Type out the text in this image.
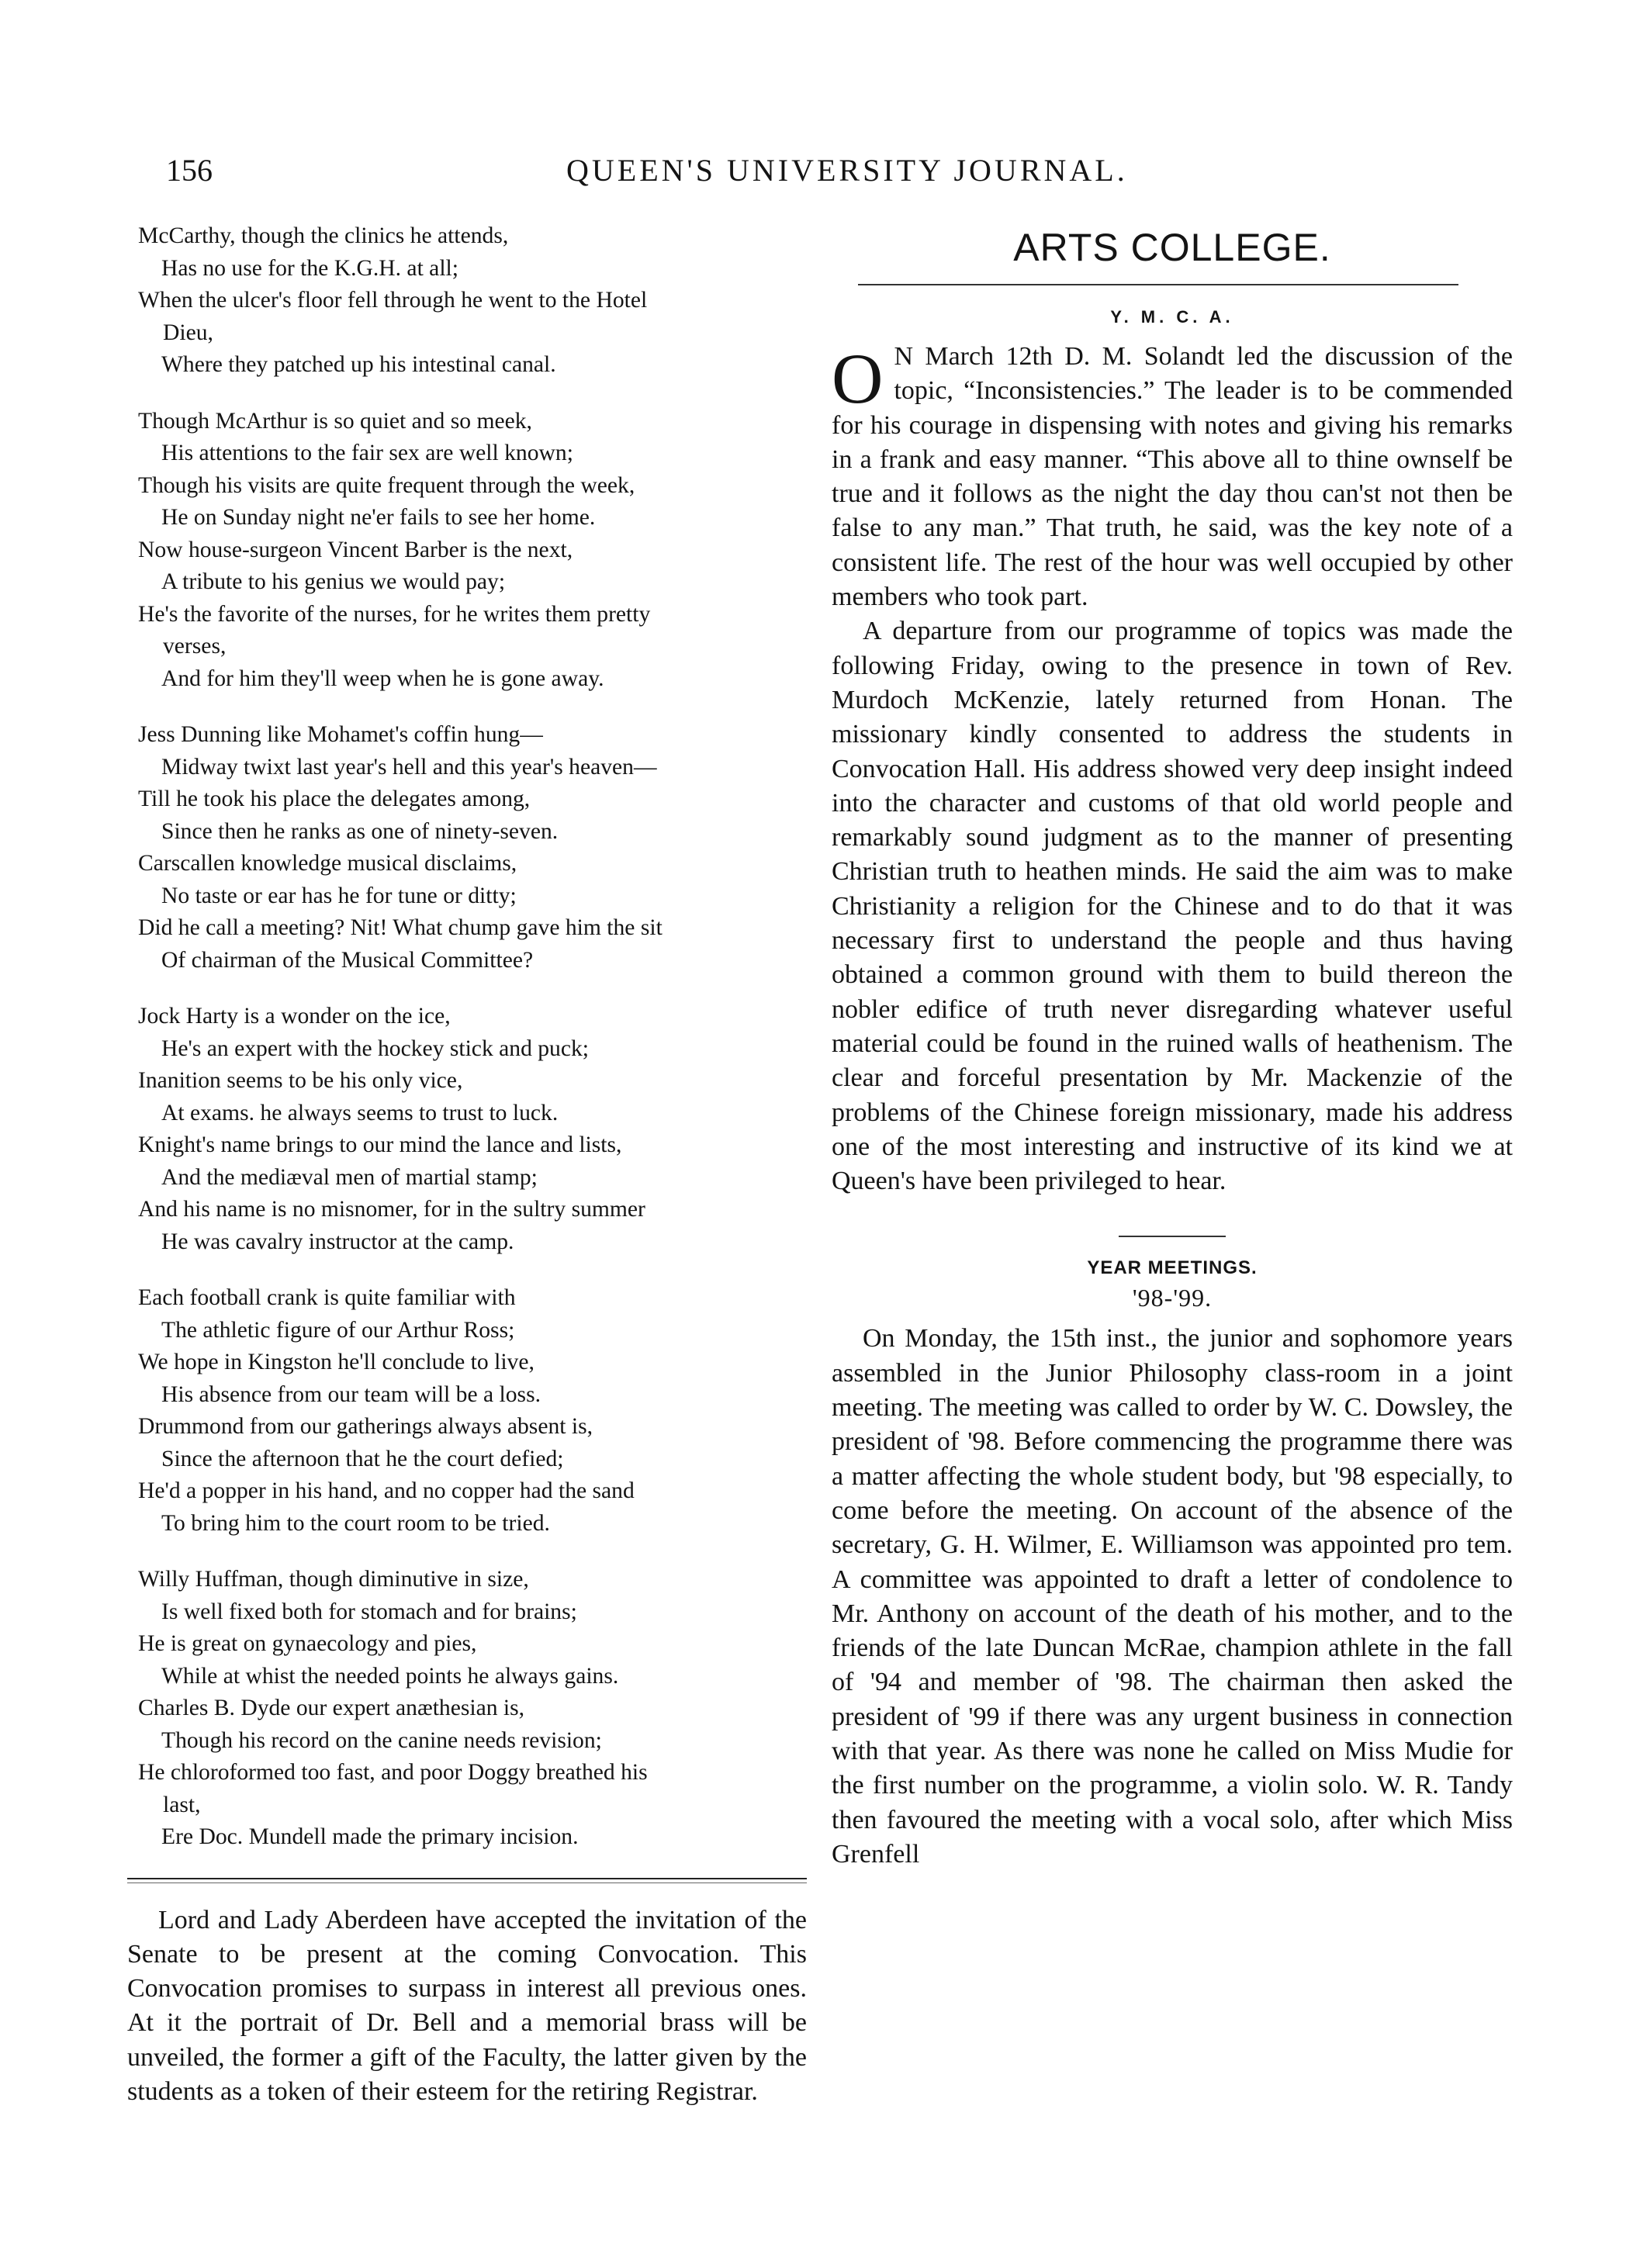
156	QUEEN'S UNIVERSITY JOURNAL.
McCarthy, though the clinics he attends,
Has no use for the K.G.H. at all;
When the ulcer's floor fell through he went to the Hotel
Dieu,
Where they patched up his intestinal canal.
Though McArthur is so quiet and so meek,
His attentions to the fair sex are well known;
Though his visits are quite frequent through the week,
He on Sunday night ne'er fails to see her home.
Now house-surgeon Vincent Barber is the next,
A tribute to his genius we would pay;
He's the favorite of the nurses, for he writes them pretty
verses,
And for him they'll weep when he is gone away.
Jess Dunning like Mohamet's coffin hung—
Midway twixt last year's hell and this year's heaven—
Till he took his place the delegates among,
Since then he ranks as one of ninety-seven.
Carscallen knowledge musical disclaims,
No taste or ear has he for tune or ditty;
Did he call a meeting? Nit! What chump gave him the sit
Of chairman of the Musical Committee?
Jock Harty is a wonder on the ice,
He's an expert with the hockey stick and puck;
Inanition seems to be his only vice,
At exams. he always seems to trust to luck.
Knight's name brings to our mind the lance and lists,
And the mediæval men of martial stamp;
And his name is no misnomer, for in the sultry summer
He was cavalry instructor at the camp.
Each football crank is quite familiar with
The athletic figure of our Arthur Ross;
We hope in Kingston he'll conclude to live,
His absence from our team will be a loss.
Drummond from our gatherings always absent is,
Since the afternoon that he the court defied;
He'd a popper in his hand, and no copper had the sand
To bring him to the court room to be tried.
Willy Huffman, though diminutive in size,
Is well fixed both for stomach and for brains;
He is great on gynaecology and pies,
While at whist the needed points he always gains.
Charles B. Dyde our expert anæthesian is,
Though his record on the canine needs revision;
He chloroformed too fast, and poor Doggy breathed his
last,
Ere Doc. Mundell made the primary incision.

Lord and Lady Aberdeen have accepted the invitation of the Senate to be present at the coming Convocation. This Convocation promises to surpass in interest all previous ones. At it the portrait of Dr. Bell and a memorial brass will be unveiled, the former a gift of the Faculty, the latter given by the students as a token of their esteem for the retiring Registrar.

ARTS COLLEGE.
Y. M. C. A.

O N March 12th D. M. Solandt led the discussion of the topic, “Inconsistencies.” The leader is to be commended for his courage in dispensing with notes and giving his remarks in a frank and easy manner. “This above all to thine ownself be true and it follows as the night the day thou can'st not then be false to any man.” That truth, he said, was the key note of a consistent life. The rest of the hour was well occupied by other members who took part.

A departure from our programme of topics was made the following Friday, owing to the presence in town of Rev. Murdoch McKenzie, lately returned from Honan. The missionary kindly consented to address the students in Convocation Hall. His address showed very deep insight indeed into the character and customs of that old world people and remarkably sound judgment as to the manner of presenting Christian truth to heathen minds. He said the aim was to make Christianity a religion for the Chinese and to do that it was necessary first to understand the people and thus having obtained a common ground with them to build thereon the nobler edifice of truth never disregarding whatever useful material could be found in the ruined walls of heathenism. The clear and forceful presentation by Mr. Mackenzie of the problems of the Chinese foreign missionary, made his address one of the most interesting and instructive of its kind we at Queen's have been privileged to hear.

YEAR MEETINGS.
'98-'99.

On Monday, the 15th inst., the junior and sophomore years assembled in the Junior Philosophy class-room in a joint meeting. The meeting was called to order by W. C. Dowsley, the president of '98. Before commencing the programme there was a matter affecting the whole student body, but '98 especially, to come before the meeting. On account of the absence of the secretary, G. H. Wilmer, E. Williamson was appointed pro tem. A committee was appointed to draft a letter of condolence to Mr. Anthony on account of the death of his mother, and to the friends of the late Duncan McRae, champion athlete in the fall of '94 and member of '98. The chairman then asked the president of '99 if there was any urgent business in connection with that year. As there was none he called on Miss Mudie for the first number on the programme, a violin solo. W. R. Tandy then favoured the meeting with a vocal solo, after which Miss Grenfell
